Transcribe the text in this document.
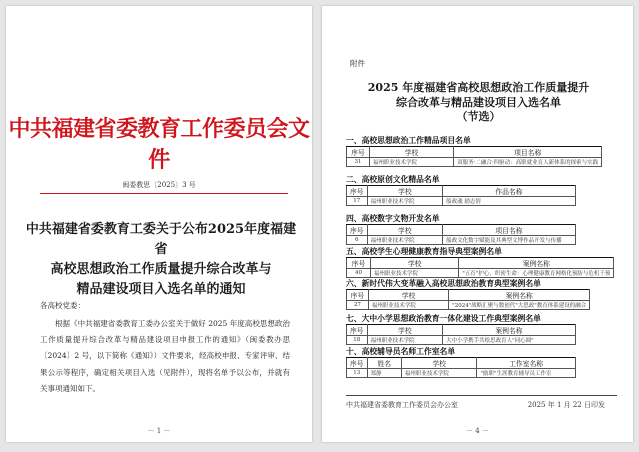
中共福建省委教育工作委员会文件
闽委教思〔2025〕3 号
中共福建省委教育工委关于公布2025年度福建省
高校思想政治工作质量提升综合改革与
精品建设项目入选名单的通知
各高校党委：
根据《中共福建省委教育工委办公室关于做好 2025 年度高校思想政治工作质量提升综合改革与精品建设项目申报工作的通知》（闽委教办思〔2024〕2 号，以下简称《通知》）文件要求，经高校申报、专家评审、结果公示等程序，确定相关项目入选（见附件），现将名单予以公布，并就有关事项通知如下。
－ 1 －
附件
2025 年度福建省高校思想政治工作质量提升
综合改革与精品建设项目入选名单
（节选）
一、高校思想政治工作精品项目名单
序号	学校	项目名称
31	福州职业技术学院	双服务·二融合·四驱动：高职就业育人新体系的探索与实践
二、高校原创文化精品名单
序号	学校	作品名称
17	福州职业技术学院	船政魂 励志情
四、高校数字文物开发名单
序号	学校	项目名称
6	福州职业技术学院	船政文化数字赋能及其典型文博作品开发与传播
五、高校学生心理健康教育指导典型案例名单
序号	学校	案例名称
40	福州职业技术学院	"五育"护心，织密生命：心理健康教育网格化预防与危机干预
六、新时代伟大变革融入高校思想政治教育典型案例名单
序号	学校	案例名称
27	福州职业技术学院	"2024"战略汇聚与数创代"大思政"教育体系建设的融合
七、大中小学思想政治教育一体化建设工作典型案例名单
序号	学校	案例名称
18	福州职业技术学院	大中小学携手共绘思政育人"同心圆"
十、高校辅导员名师工作室名单
序号	姓名	学校	工作室名称
13	郑静	福州职业技术学院	"励职"生涯教育辅导员工作室
中共福建省委教育工作委员会办公室	2025 年 1 月 22 日印发
－ 4 －
